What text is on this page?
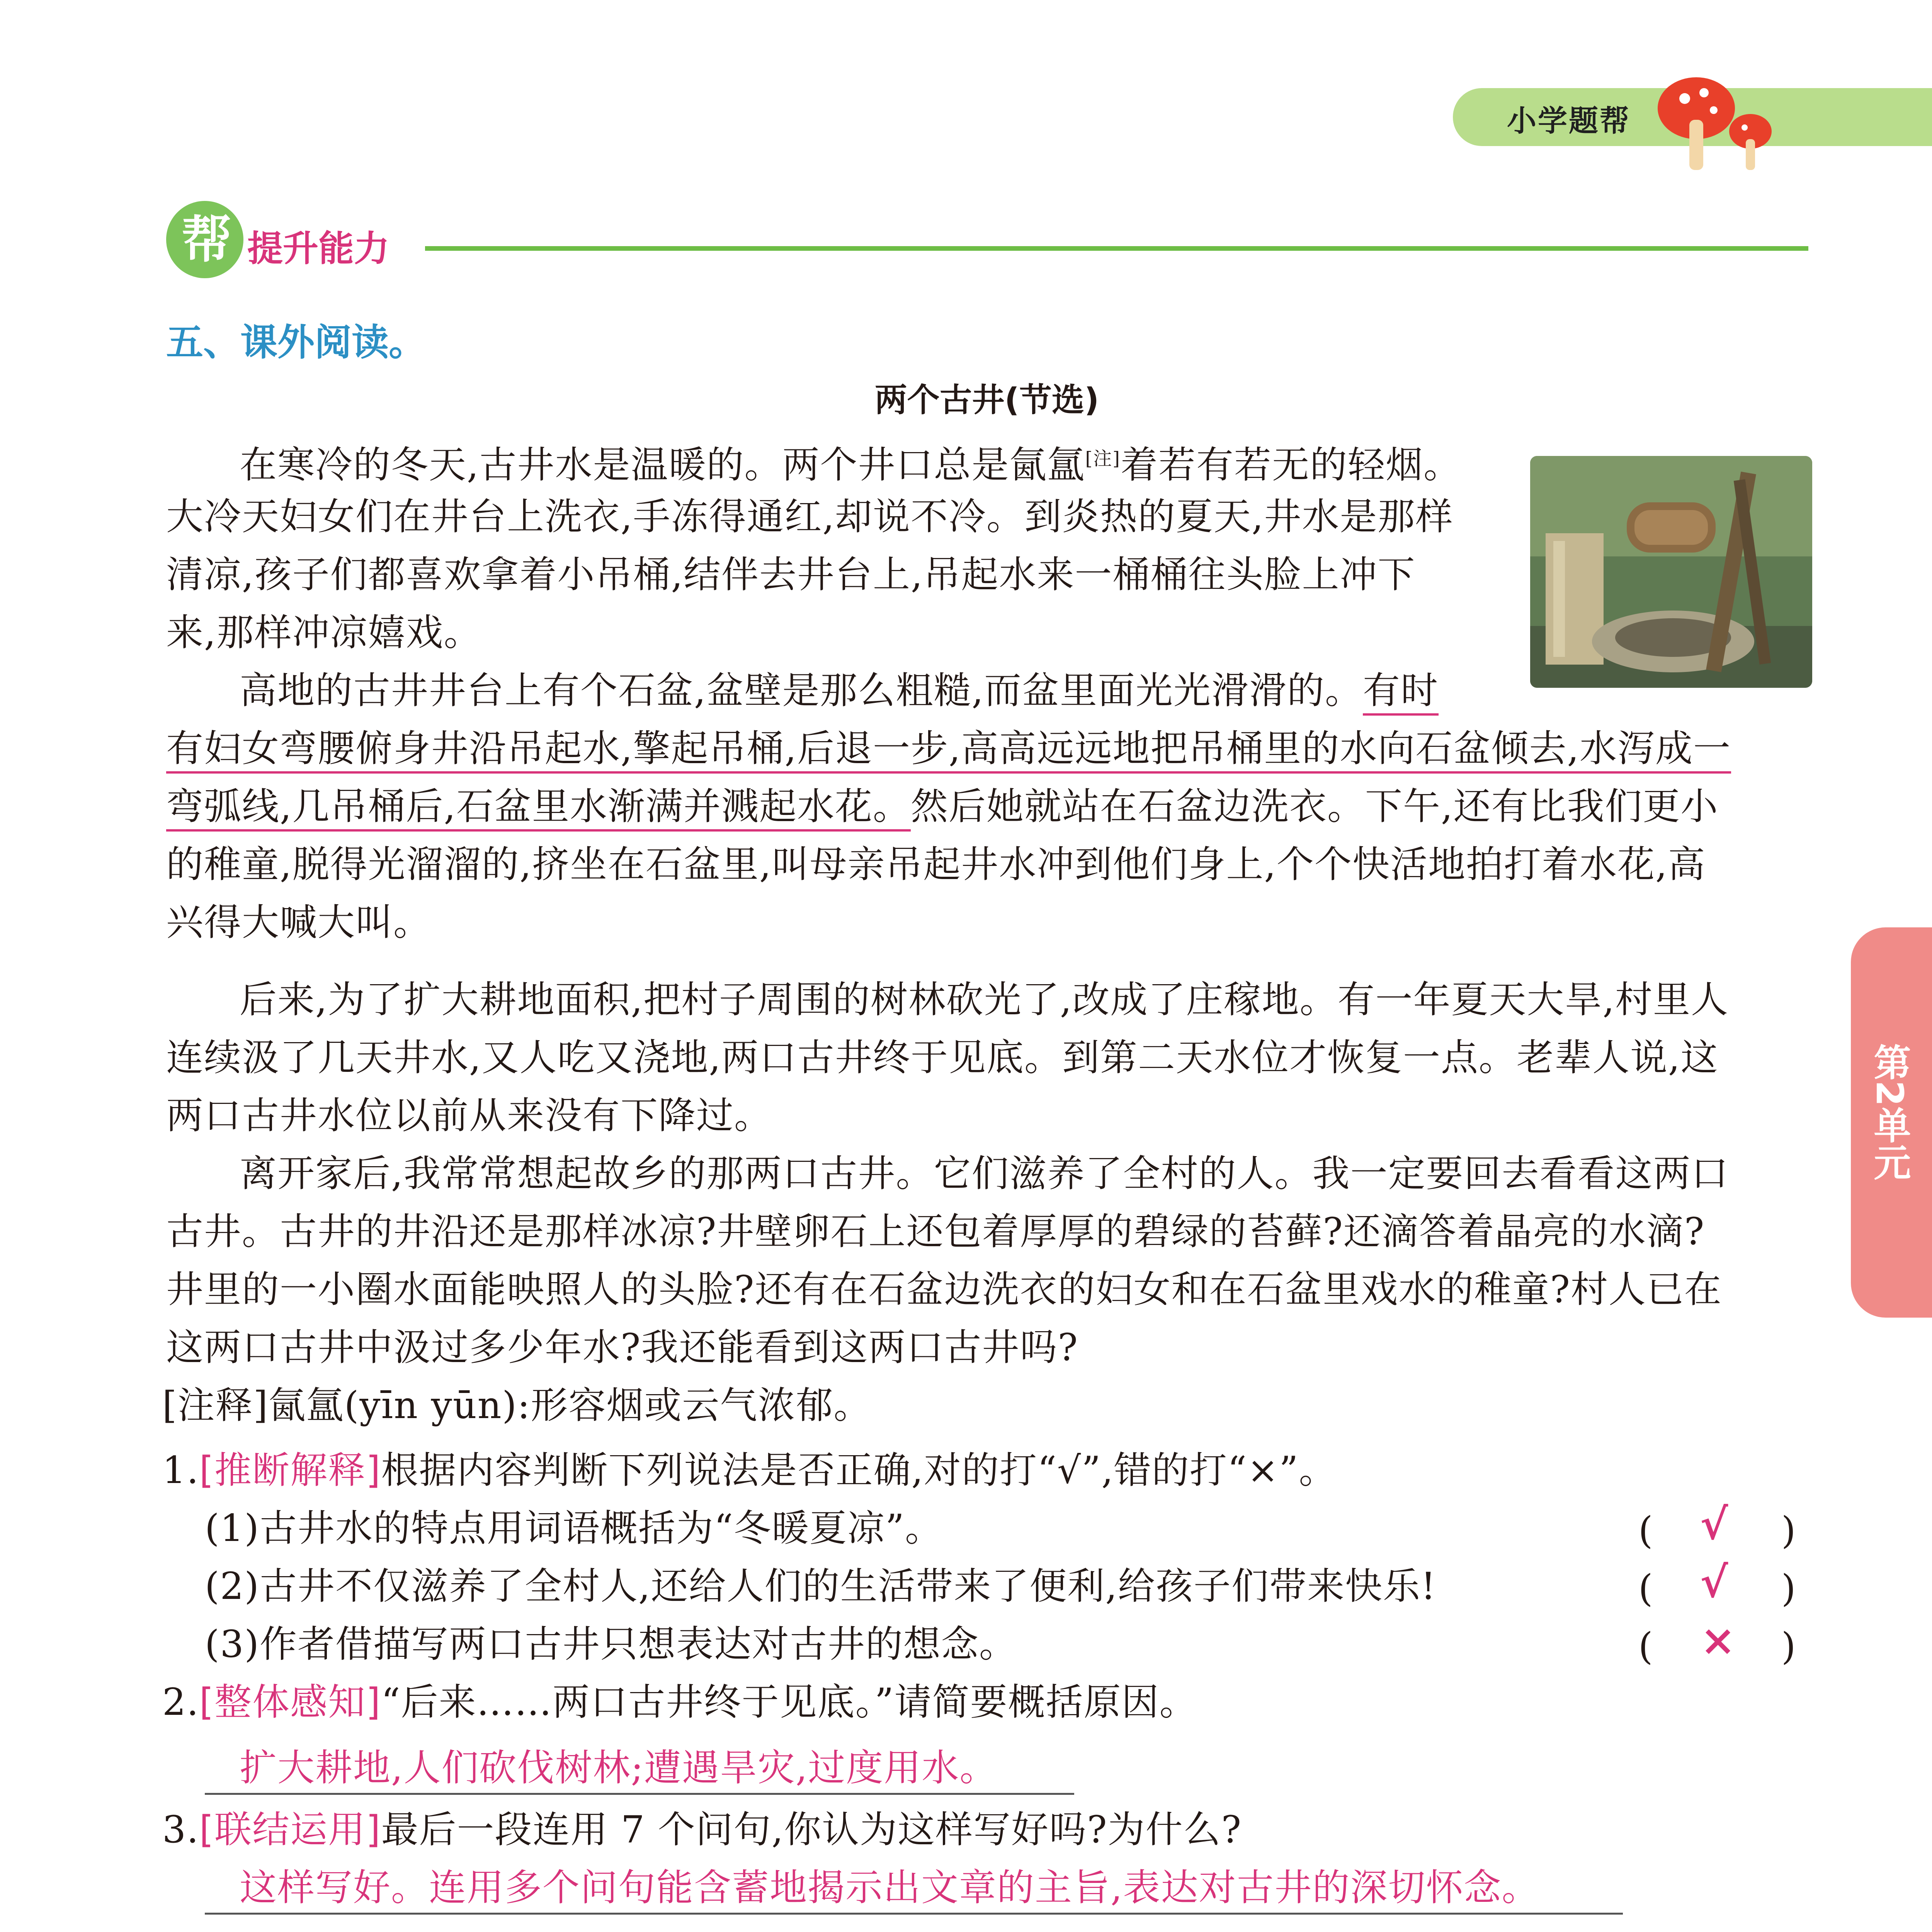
小学题帮
帮 提升能力
五、课外阅读。
两个古井(节选)
在寒冷的冬天,古井水是温暖的。两个井口总是氤氲[注]着若有若无的轻烟。
大冷天妇女们在井台上洗衣,手冻得通红,却说不冷。到炎热的夏天,井水是那样
清凉,孩子们都喜欢拿着小吊桶,结伴去井台上,吊起水来一桶桶往头脸上冲下
来,那样冲凉嬉戏。
高地的古井井台上有个石盆,盆壁是那么粗糙,而盆里面光光滑滑的。有时
有妇女弯腰俯身井沿吊起水,擎起吊桶,后退一步,高高远远地把吊桶里的水向石盆倾去,水泻成一
弯弧线,几吊桶后,石盆里水渐满并溅起水花。然后她就站在石盆边洗衣。下午,还有比我们更小
的稚童,脱得光溜溜的,挤坐在石盆里,叫母亲吊起井水冲到他们身上,个个快活地拍打着水花,高
兴得大喊大叫。
后来,为了扩大耕地面积,把村子周围的树林砍光了,改成了庄稼地。有一年夏天大旱,村里人
连续汲了几天井水,又人吃又浇地,两口古井终于见底。到第二天水位才恢复一点。老辈人说,这
两口古井水位以前从来没有下降过。
离开家后,我常常想起故乡的那两口古井。它们滋养了全村的人。我一定要回去看看这两口
古井。古井的井沿还是那样冰凉?井壁卵石上还包着厚厚的碧绿的苔藓?还滴答着晶亮的水滴?
井里的一小圈水面能映照人的头脸?还有在石盆边洗衣的妇女和在石盆里戏水的稚童?村人已在
这两口古井中汲过多少年水?我还能看到这两口古井吗?
[注释]氤氲(yīn yūn):形容烟或云气浓郁。
第2单元
1.[推断解释]根据内容判断下列说法是否正确,对的打“√”,错的打“×”。
(1)古井水的特点用词语概括为“冬暖夏凉”。	( √ )
(2)古井不仅滋养了全村人,还给人们的生活带来了便利,给孩子们带来快乐!	( √ )
(3)作者借描写两口古井只想表达对古井的想念。	( × )
2.[整体感知]“后来……两口古井终于见底。”请简要概括原因。
扩大耕地,人们砍伐树林;遭遇旱灾,过度用水。
3.[联结运用]最后一段连用 7 个问句,你认为这样写好吗?为什么?
这样写好。连用多个问句能含蓄地揭示出文章的主旨,表达对古井的深切怀念。
